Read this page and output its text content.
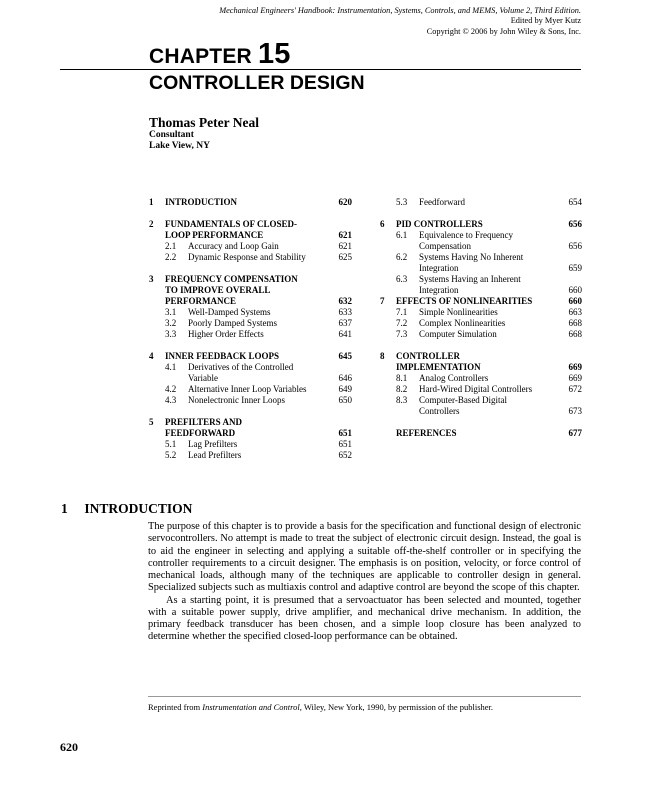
Mechanical Engineers' Handbook: Instrumentation, Systems, Controls, and MEMS, Volume 2, Third Edition.
Edited by Myer Kutz
Copyright © 2006 by John Wiley & Sons, Inc.
CHAPTER 15
CONTROLLER DESIGN
Thomas Peter Neal
Consultant
Lake View, NY
1	INTRODUCTION	620
2	FUNDAMENTALS OF CLOSED-
LOOP PERFORMANCE	621
2.1	Accuracy and Loop Gain	621
2.2	Dynamic Response and Stability	625
3	FREQUENCY COMPENSATION
TO IMPROVE OVERALL
PERFORMANCE	632
3.1	Well-Damped Systems	633
3.2	Poorly Damped Systems	637
3.3	Higher Order Effects	641
4	INNER FEEDBACK LOOPS	645
4.1	Derivatives of the Controlled
Variable	646
4.2	Alternative Inner Loop Variables	649
4.3	Nonelectronic Inner Loops	650
5	PREFILTERS AND
FEEDFORWARD	651
5.1	Lag Prefilters	651
5.2	Lead Prefilters	652
5.3	Feedforward	654
6	PID CONTROLLERS	656
6.1	Equivalence to Frequency
Compensation	656
6.2	Systems Having No Inherent
Integration	659
6.3	Systems Having an Inherent
Integration	660
7	EFFECTS OF NONLINEARITIES	660
7.1	Simple Nonlinearities	663
7.2	Complex Nonlinearities	668
7.3	Computer Simulation	668
8	CONTROLLER
IMPLEMENTATION	669
8.1	Analog Controllers	669
8.2	Hard-Wired Digital Controllers	672
8.3	Computer-Based Digital
Controllers	673
REFERENCES	677
1 INTRODUCTION

The purpose of this chapter is to provide a basis for the specification and functional design of electronic servocontrollers. No attempt is made to treat the subject of electronic circuit design. Instead, the goal is to aid the engineer in selecting and applying a suitable off-the-shelf controller or in specifying the controller requirements to a circuit designer. The emphasis is on position, velocity, or force control of mechanical loads, although many of the techniques are applicable to controller design in general. Specialized subjects such as multiaxis control and adaptive control are beyond the scope of this chapter.

As a starting point, it is presumed that a servoactuator has been selected and mounted, together with a suitable power supply, drive amplifier, and mechanical drive mechanism. In addition, the primary feedback transducer has been chosen, and a simple loop closure has been analyzed to determine whether the specified closed-loop performance can be obtained.

Reprinted from Instrumentation and Control, Wiley, New York, 1990, by permission of the publisher.
620
